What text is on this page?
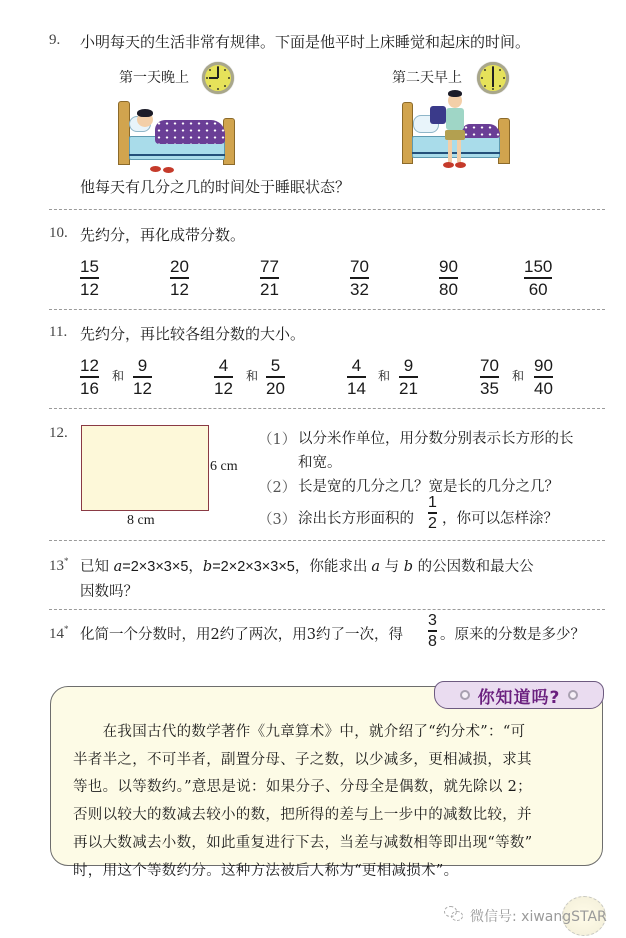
9. 小明每天的生活非常有规律。下面是他平时上床睡觉和起床的时间。
第一天晚上	第二天早上
他每天有几分之几的时间处于睡眠状态？
10. 先约分，再化成带分数。
15
12
20
12
77
21
70
32
90
80
150
60
11. 先约分，再比较各组分数的大小。
12
16
和
9
12
4
12
和
5
20
4
14
和
9
21
70
35
和
90
40
12.
6 cm
8 cm
（1） 以分米作单位，用分数分别表示长方形的长
和宽。
（2） 长是宽的几分之几？宽是长的几分之几？
（3） 涂出长方形面积的
1
2 ，你可以怎样涂？
13* 已知 a=2×3×3×5，b=2×2×3×3×5，你能求出 a 与 b 的公因数和最大公
因数吗？
14* 化简一个分数时，用2约了两次，用3约了一次，得
3
8 。原来的分数是多少？
你知道吗?
　　在我国古代的数学著作《九章算术》中，就介绍了“约分术”：“可
半者半之，不可半者，副置分母、子之数，以少减多，更相减损，求其
等也。以等数约。”意思是说：如果分子、分母全是偶数，就先除以 2；
否则以较大的数减去较小的数，把所得的差与上一步中的减数比较，并
再以大数减去小数，如此重复进行下去，当差与减数相等即出现“等数”
时，用这个等数约分。这种方法被后人称为“更相减损术”。
微信号: xiwangSTAR
